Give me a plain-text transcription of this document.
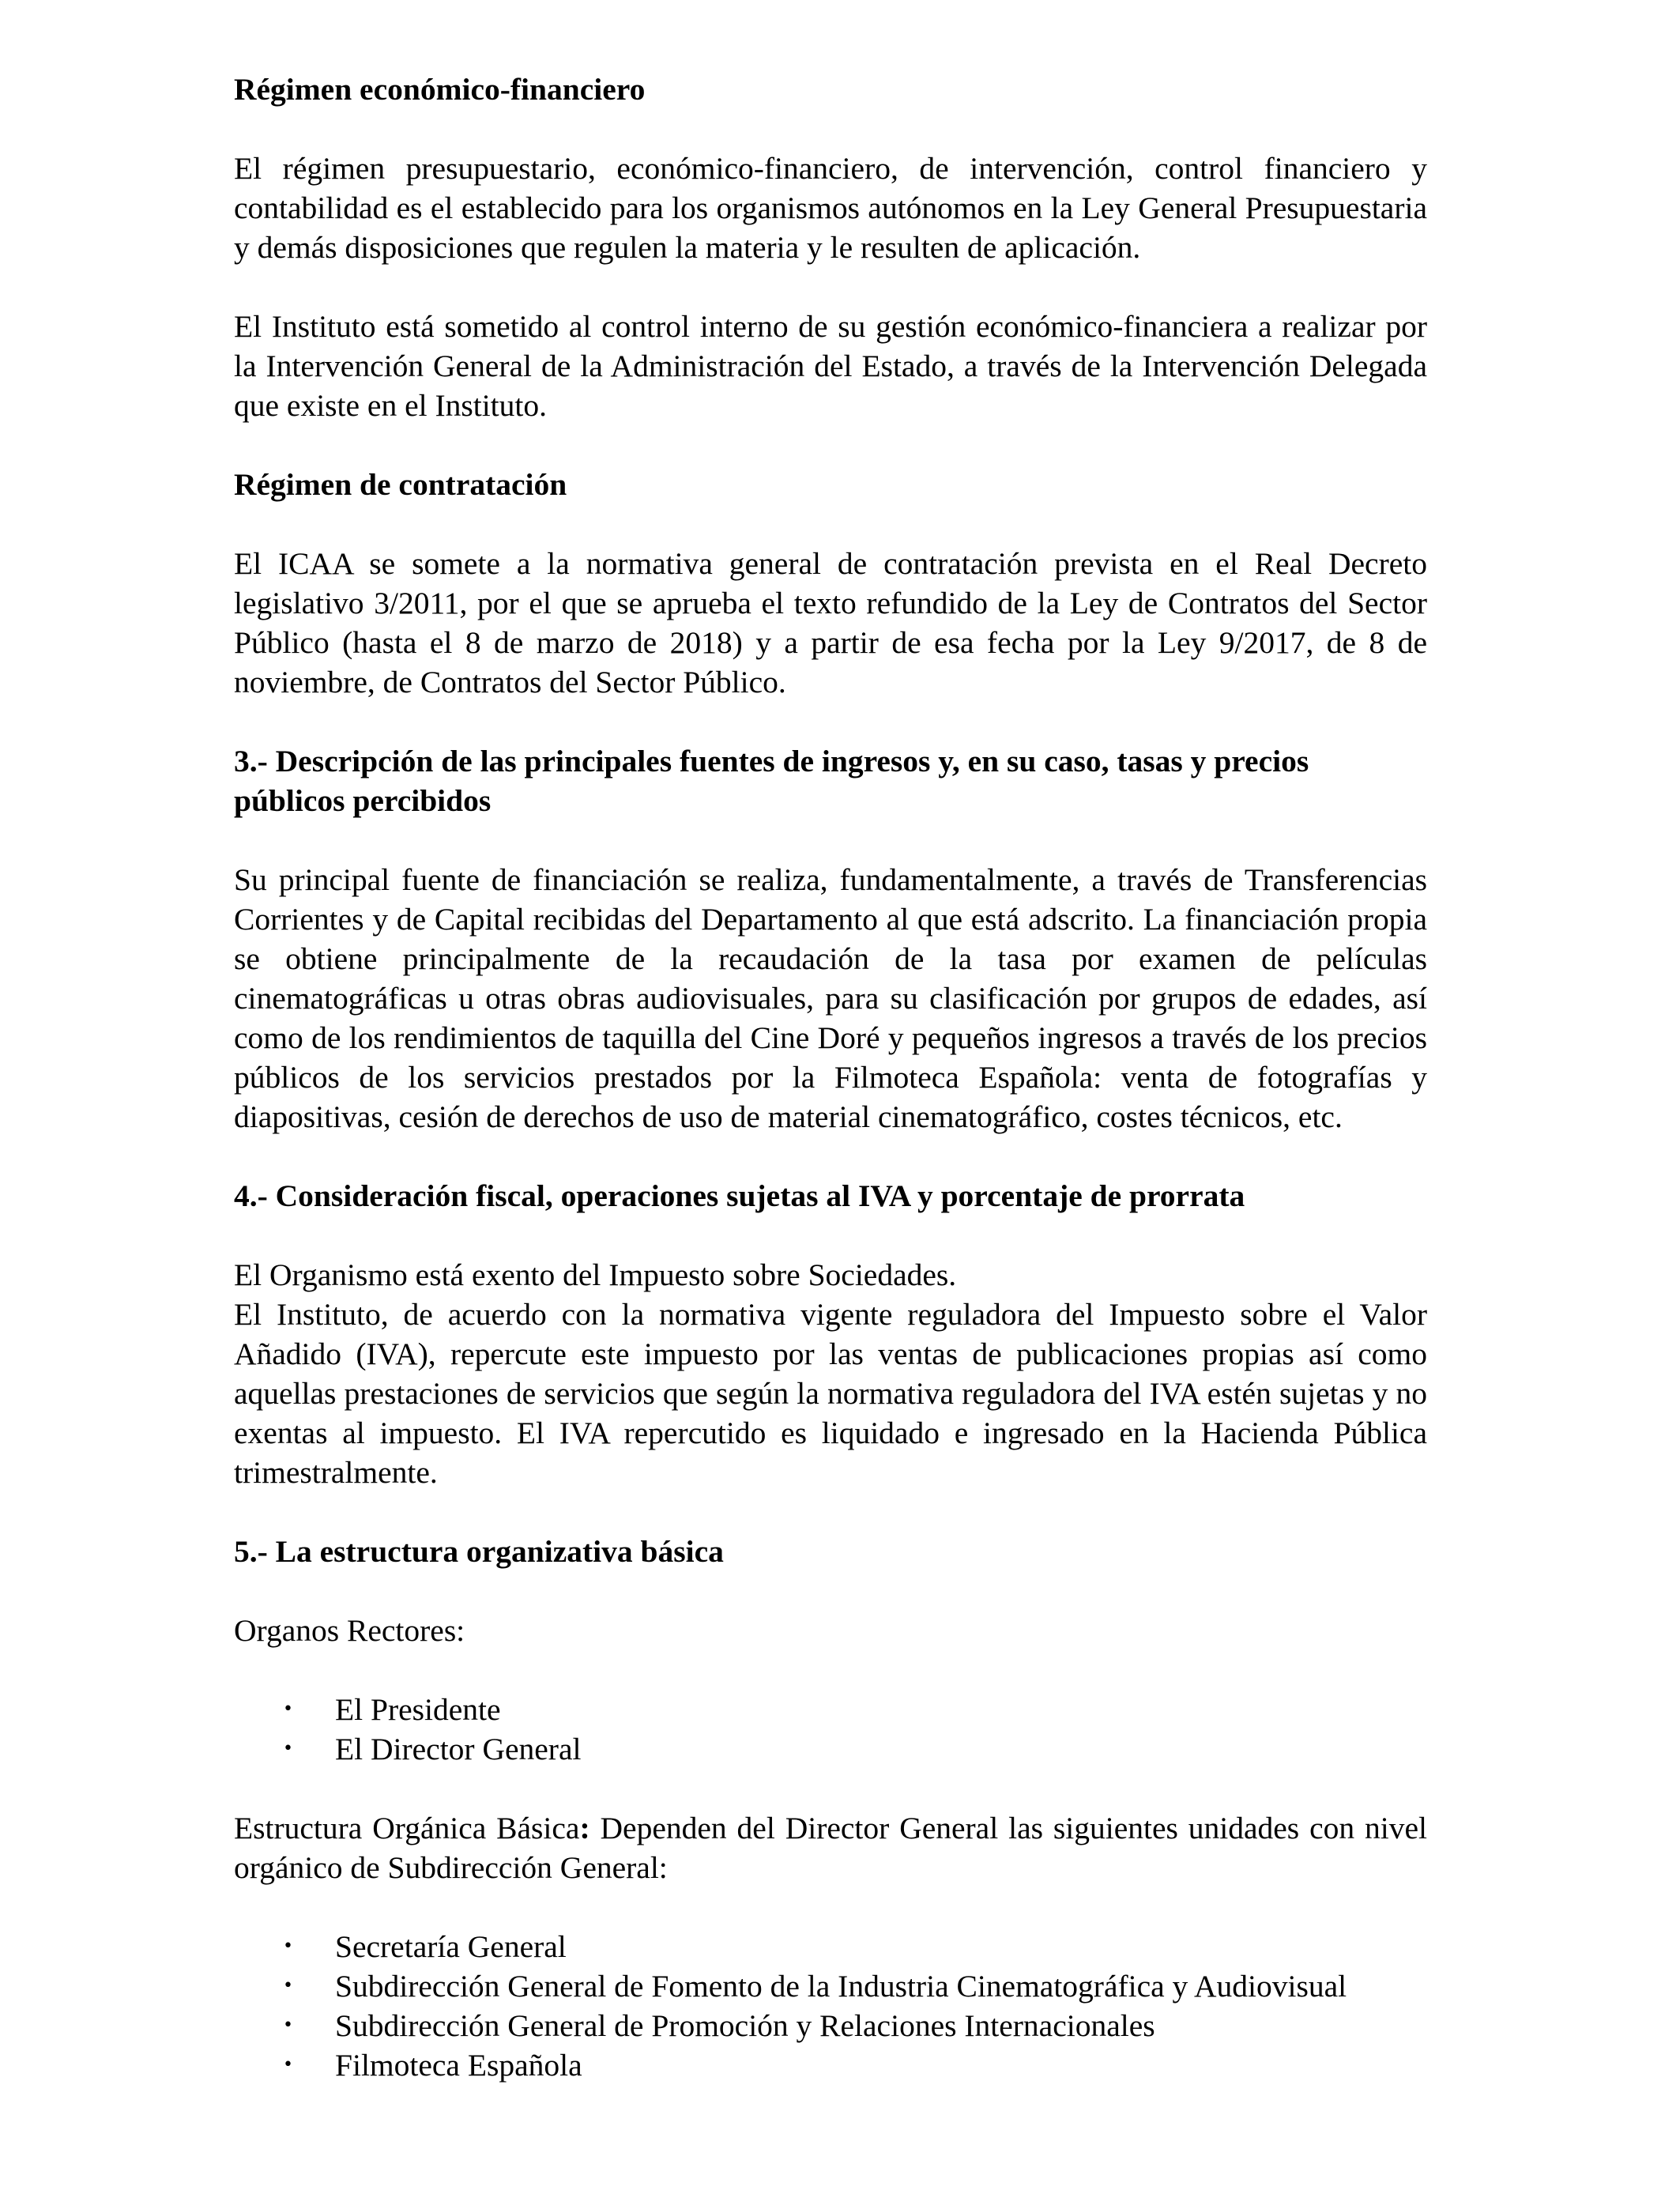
Régimen económico-financiero

El régimen presupuestario, económico-financiero, de intervención, control financiero y contabilidad es el establecido para los organismos autónomos en la Ley General Presupuestaria y demás disposiciones que regulen la materia y le resulten de aplicación.

El Instituto está sometido al control interno de su gestión económico-financiera a realizar por la Intervención General de la Administración del Estado, a través de la Intervención Delegada que existe en el Instituto.

Régimen de contratación

El ICAA se somete a la normativa general de contratación prevista en el Real Decreto legislativo 3/2011, por el que se aprueba el texto refundido de la Ley de Contratos del Sector Público (hasta el 8 de marzo de 2018) y a partir de esa fecha por la Ley 9/2017, de 8 de noviembre, de Contratos del Sector Público.

3.- Descripción de las principales fuentes de ingresos y, en su caso, tasas y precios públicos percibidos

Su principal fuente de financiación se realiza, fundamentalmente, a través de Transferencias Corrientes y de Capital recibidas del Departamento al que está adscrito. La financiación propia se obtiene principalmente de la recaudación de la tasa por examen de películas cinematográficas u otras obras audiovisuales, para su clasificación por grupos de edades, así como de los rendimientos de taquilla del Cine Doré y pequeños ingresos a través de los precios públicos de los servicios prestados por la Filmoteca Española: venta de fotografías y diapositivas, cesión de derechos de uso de material cinematográfico, costes técnicos, etc.

4.- Consideración fiscal, operaciones sujetas al IVA y porcentaje de prorrata

El Organismo está exento del Impuesto sobre Sociedades.

El Instituto, de acuerdo con la normativa vigente reguladora del Impuesto sobre el Valor Añadido (IVA), repercute este impuesto por las ventas de publicaciones propias así como aquellas prestaciones de servicios que según la normativa reguladora del IVA estén sujetas y no exentas al impuesto. El IVA repercutido es liquidado e ingresado en la Hacienda Pública trimestralmente.

5.- La estructura organizativa básica

Organos Rectores:

• El Presidente
• El Director General

Estructura Orgánica Básica: Dependen del Director General las siguientes unidades con nivel orgánico de Subdirección General:

• Secretaría General
• Subdirección General de Fomento de la Industria Cinematográfica y Audiovisual
• Subdirección General de Promoción y Relaciones Internacionales
• Filmoteca Española
